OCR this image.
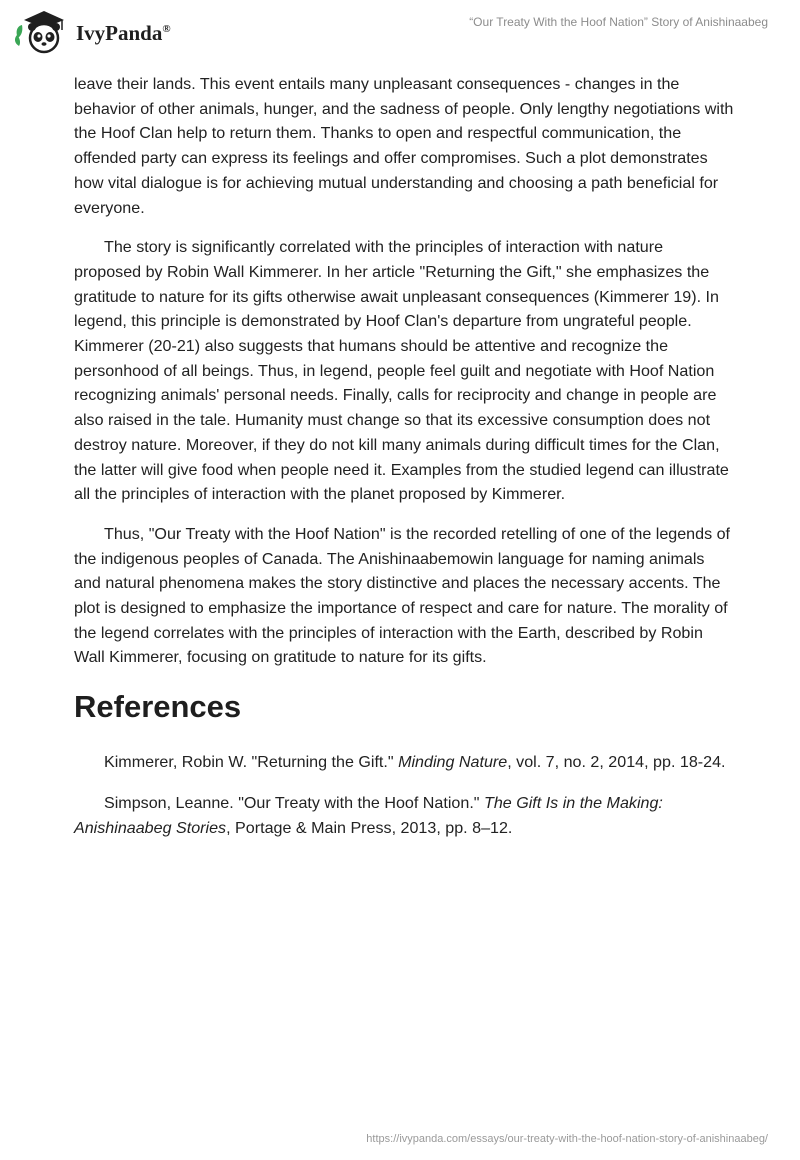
IvyPanda®	“Our Treaty With the Hoof Nation” Story of Anishinaabeg

leave their lands. This event entails many unpleasant consequences - changes in the behavior of other animals, hunger, and the sadness of people. Only lengthy negotiations with the Hoof Clan help to return them. Thanks to open and respectful communication, the offended party can express its feelings and offer compromises. Such a plot demonstrates how vital dialogue is for achieving mutual understanding and choosing a path beneficial for everyone.

The story is significantly correlated with the principles of interaction with nature proposed by Robin Wall Kimmerer. In her article "Returning the Gift," she emphasizes the gratitude to nature for its gifts otherwise await unpleasant consequences (Kimmerer 19). In legend, this principle is demonstrated by Hoof Clan's departure from ungrateful people. Kimmerer (20-21) also suggests that humans should be attentive and recognize the personhood of all beings. Thus, in legend, people feel guilt and negotiate with Hoof Nation recognizing animals' personal needs. Finally, calls for reciprocity and change in people are also raised in the tale. Humanity must change so that its excessive consumption does not destroy nature. Moreover, if they do not kill many animals during difficult times for the Clan, the latter will give food when people need it. Examples from the studied legend can illustrate all the principles of interaction with the planet proposed by Kimmerer.

Thus, "Our Treaty with the Hoof Nation" is the recorded retelling of one of the legends of the indigenous peoples of Canada. The Anishinaabemowin language for naming animals and natural phenomena makes the story distinctive and places the necessary accents. The plot is designed to emphasize the importance of respect and care for nature. The morality of the legend correlates with the principles of interaction with the Earth, described by Robin Wall Kimmerer, focusing on gratitude to nature for its gifts.

References

Kimmerer, Robin W. "Returning the Gift." Minding Nature, vol. 7, no. 2, 2014, pp. 18-24.

Simpson, Leanne. "Our Treaty with the Hoof Nation." The Gift Is in the Making: Anishinaabeg Stories, Portage & Main Press, 2013, pp. 8–12.

https://ivypanda.com/essays/our-treaty-with-the-hoof-nation-story-of-anishinaabeg/
